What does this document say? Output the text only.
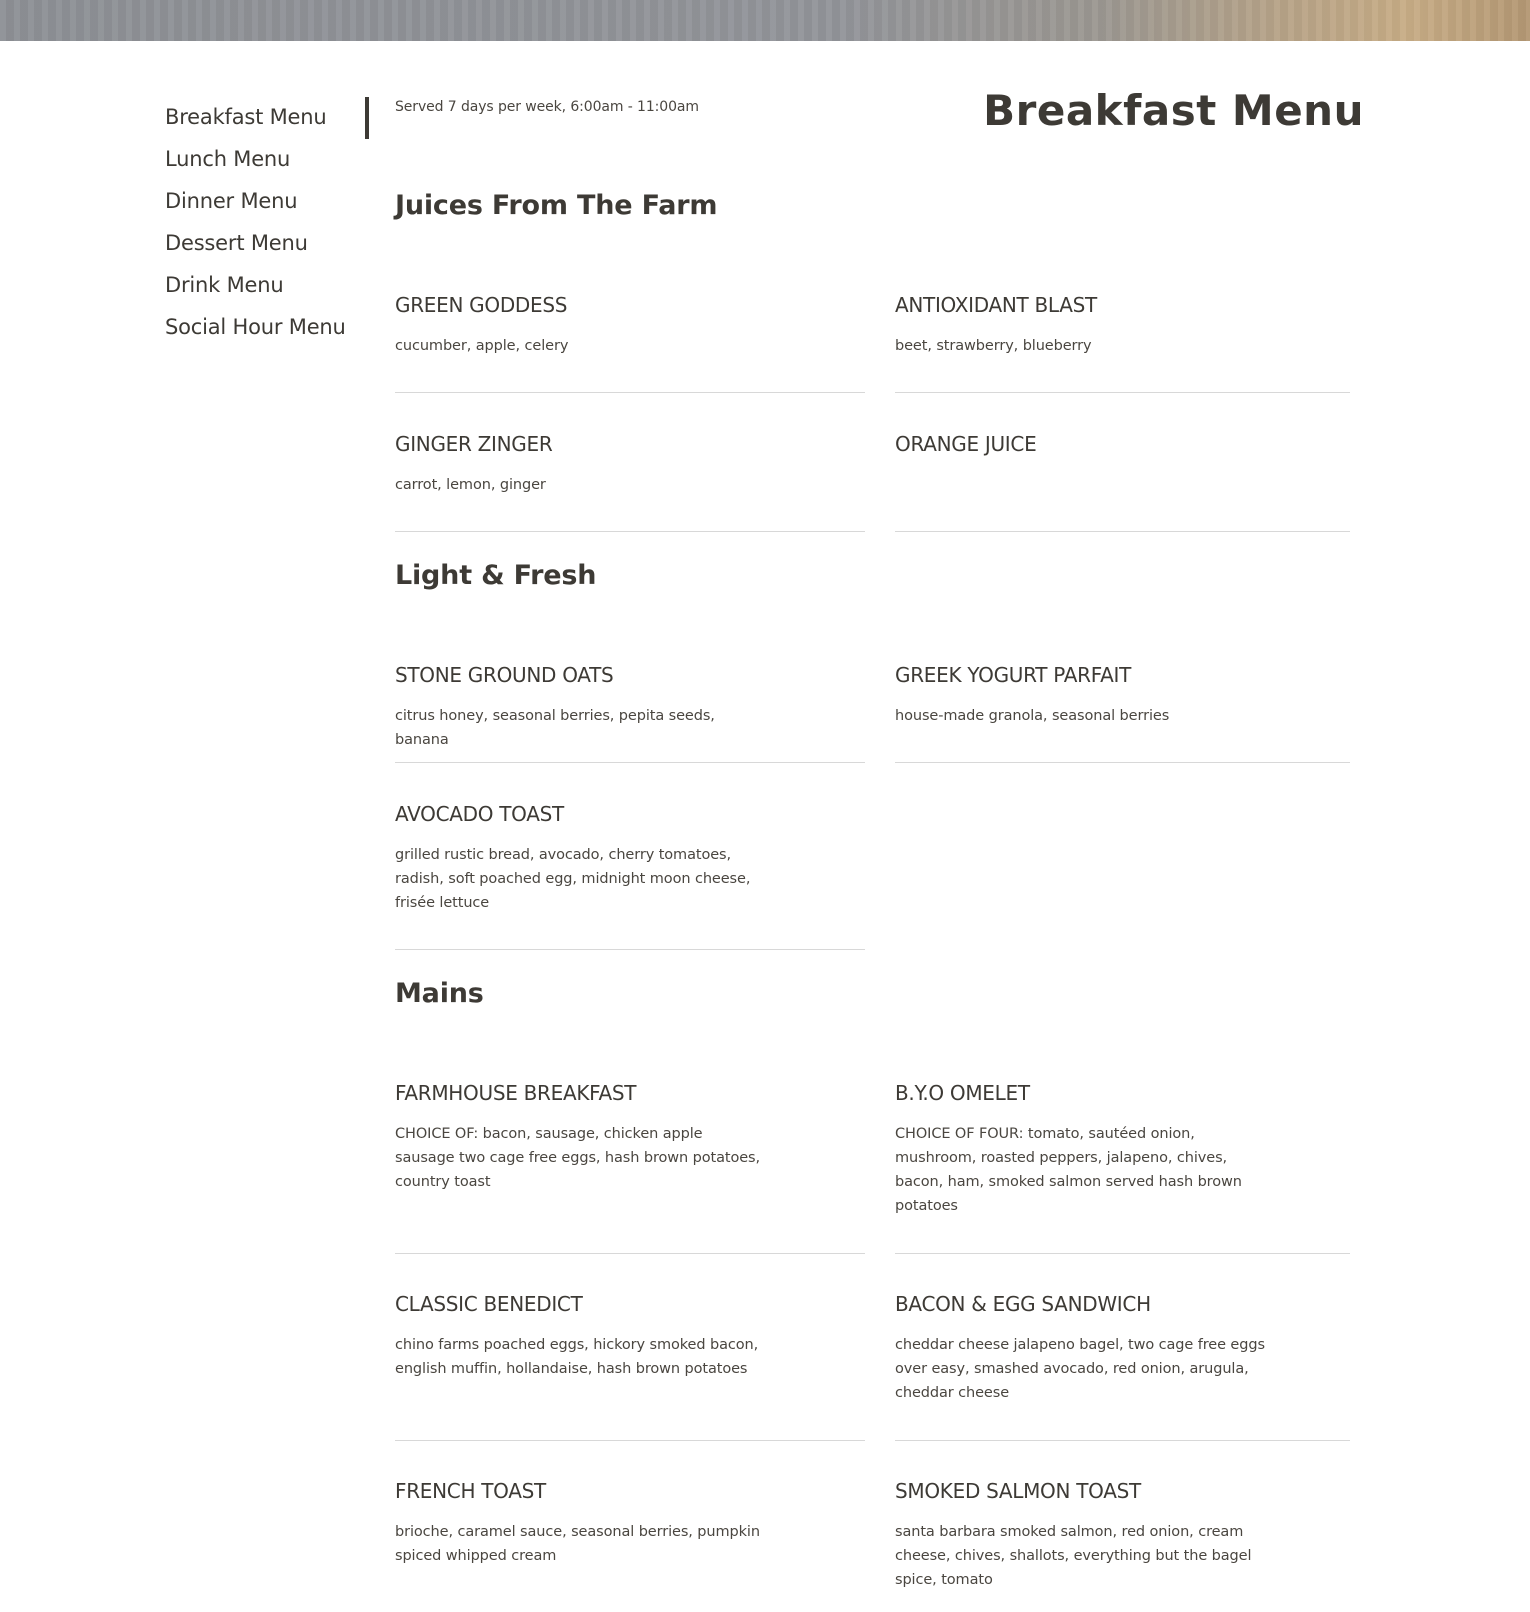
Breakfast Menu
Lunch Menu
Dinner Menu
Dessert Menu
Drink Menu
Social Hour Menu
Served 7 days per week, 6:00am - 11:00am	Breakfast Menu
Juices From The Farm
GREEN GODDESS
cucumber, apple, celery
ANTIOXIDANT BLAST
beet, strawberry, blueberry
GINGER ZINGER
carrot, lemon, ginger
ORANGE JUICE
Light & Fresh
STONE GROUND OATS
citrus honey, seasonal berries, pepita seeds, banana
GREEK YOGURT PARFAIT
house-made granola, seasonal berries
AVOCADO TOAST
grilled rustic bread, avocado, cherry tomatoes, radish, soft poached egg, midnight moon cheese, frisée lettuce
Mains
FARMHOUSE BREAKFAST
CHOICE OF: bacon, sausage, chicken apple sausage two cage free eggs, hash brown potatoes, country toast
B.Y.O OMELET
CHOICE OF FOUR: tomato, sautéed onion, mushroom, roasted peppers, jalapeno, chives, bacon, ham, smoked salmon served hash brown potatoes
CLASSIC BENEDICT
chino farms poached eggs, hickory smoked bacon, english muffin, hollandaise, hash brown potatoes
BACON & EGG SANDWICH
cheddar cheese jalapeno bagel, two cage free eggs over easy, smashed avocado, red onion, arugula, cheddar cheese
FRENCH TOAST
brioche, caramel sauce, seasonal berries, pumpkin spiced whipped cream
SMOKED SALMON TOAST
santa barbara smoked salmon, red onion, cream cheese, chives, shallots, everything but the bagel spice, tomato
